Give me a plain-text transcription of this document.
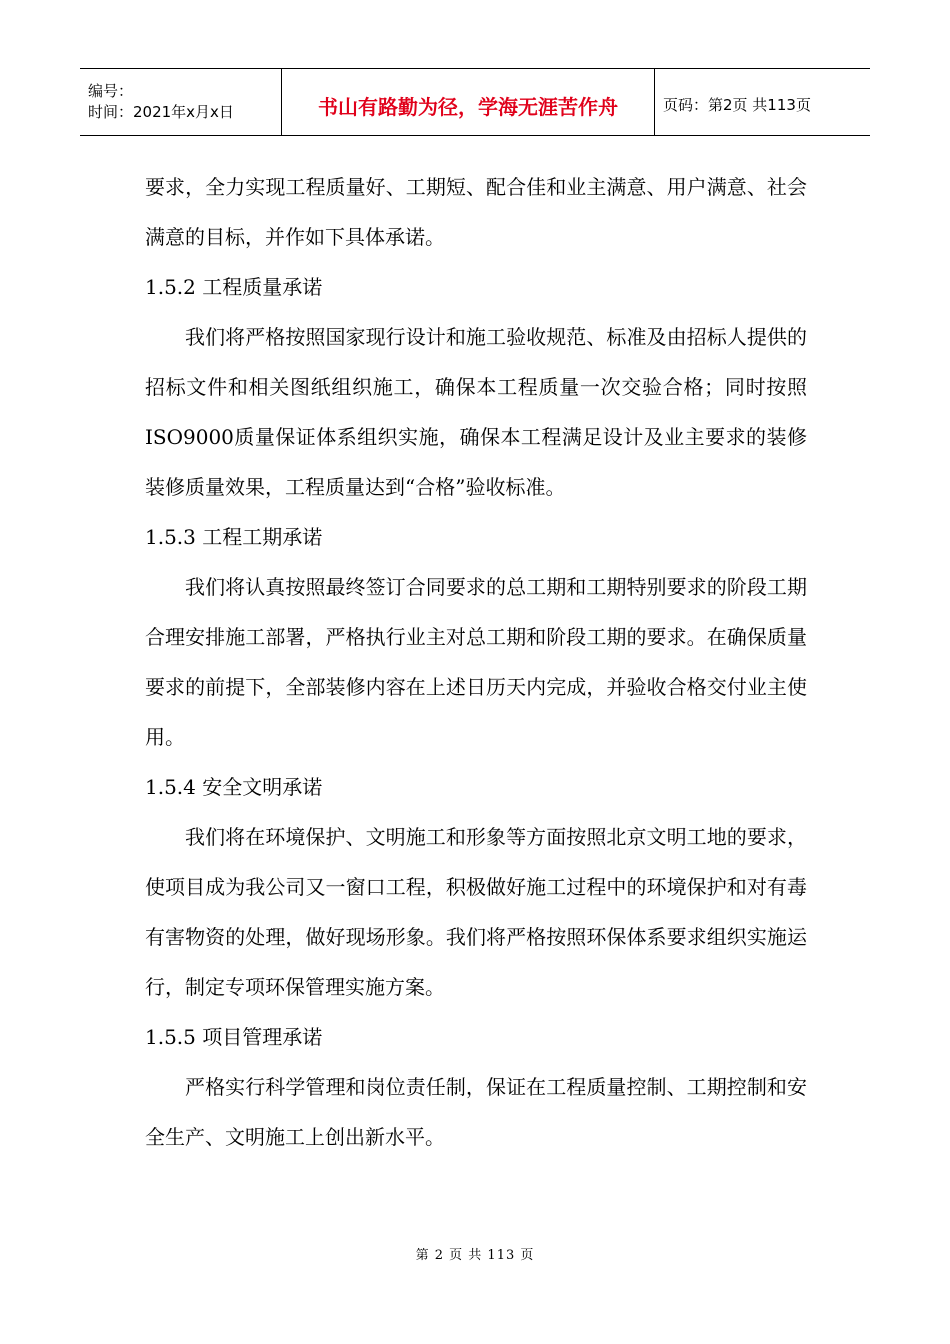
编号：
时间：2021年x月x日	书山有路勤为径，学海无涯苦作舟	页码：第2页 共113页

要求，全力实现工程质量好、工期短、配合佳和业主满意、用户满意、社会满意的目标，并作如下具体承诺。

1.5.2 工程质量承诺

我们将严格按照国家现行设计和施工验收规范、标准及由招标人提供的招标文件和相关图纸组织施工，确保本工程质量一次交验合格；同时按照ISO9000质量保证体系组织实施，确保本工程满足设计及业主要求的装修装修质量效果，工程质量达到“合格”验收标准。

1.5.3 工程工期承诺

我们将认真按照最终签订合同要求的总工期和工期特别要求的阶段工期合理安排施工部署，严格执行业主对总工期和阶段工期的要求。在确保质量要求的前提下，全部装修内容在上述日历天内完成，并验收合格交付业主使用。

1.5.4 安全文明承诺

我们将在环境保护、文明施工和形象等方面按照北京文明工地的要求，使项目成为我公司又一窗口工程，积极做好施工过程中的环境保护和对有毒有害物资的处理，做好现场形象。我们将严格按照环保体系要求组织实施运行，制定专项环保管理实施方案。

1.5.5 项目管理承诺

严格实行科学管理和岗位责任制，保证在工程质量控制、工期控制和安全生产、文明施工上创出新水平。

第 2 页 共 113 页
